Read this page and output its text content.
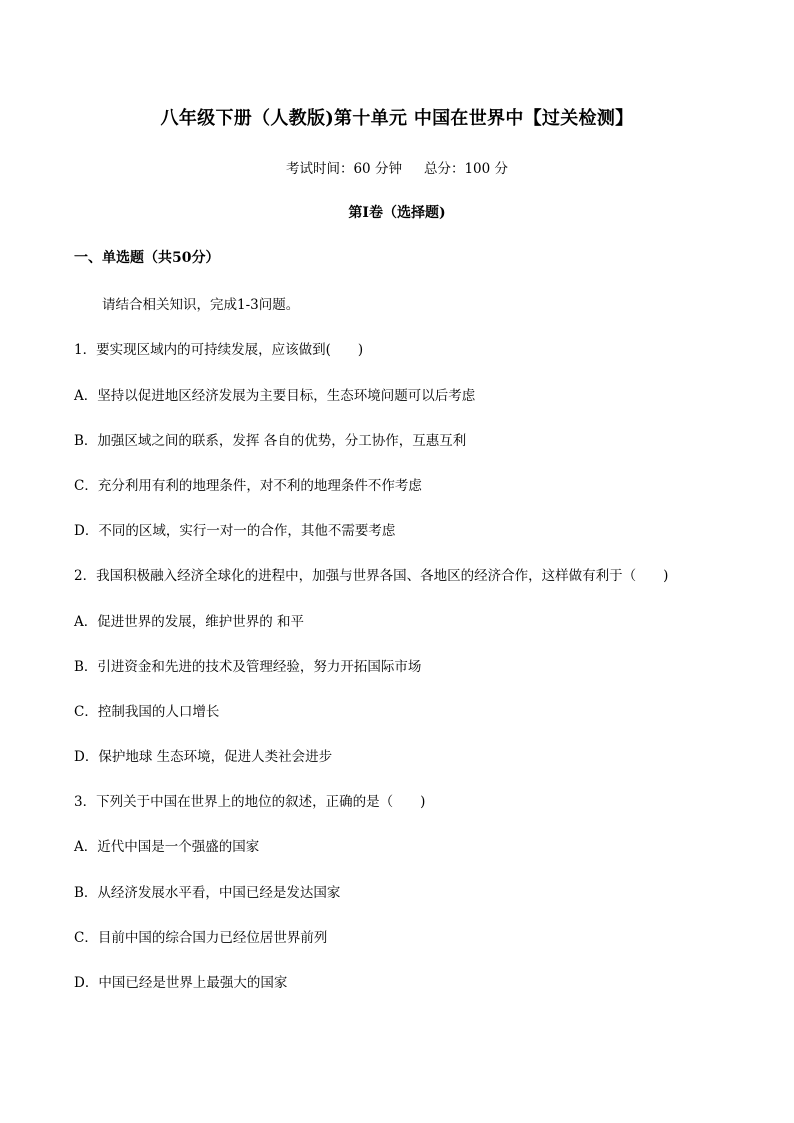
八年级下册（人教版)第十单元 中国在世界中【过关检测】
考试时间：60 分钟 总分：100 分
第I卷（选择题)
一、单选题（共50分）
请结合相关知识，完成1-3问题。
1．要实现区域内的可持续发展，应该做到(　　)
A．坚持以促进地区经济发展为主要目标，生态环境问题可以后考虑
B．加强区域之间的联系，发挥 各自的优势，分工协作，互惠互利
C．充分利用有利的地理条件，对不利的地理条件不作考虑
D．不同的区域，实行一对一的合作，其他不需要考虑
2．我国积极融入经济全球化的进程中，加强与世界各国、各地区的经济合作，这样做有利于（　　)
A．促进世界的发展，维护世界的 和平
B．引进资金和先进的技术及管理经验，努力开拓国际市场
C．控制我国的人口增长
D．保护地球 生态环境，促进人类社会进步
3．下列关于中国在世界上的地位的叙述，正确的是（　　)
A．近代中国是一个强盛的国家
B．从经济发展水平看，中国已经是发达国家
C．目前中国的综合国力已经位居世界前列
D．中国已经是世界上最强大的国家
